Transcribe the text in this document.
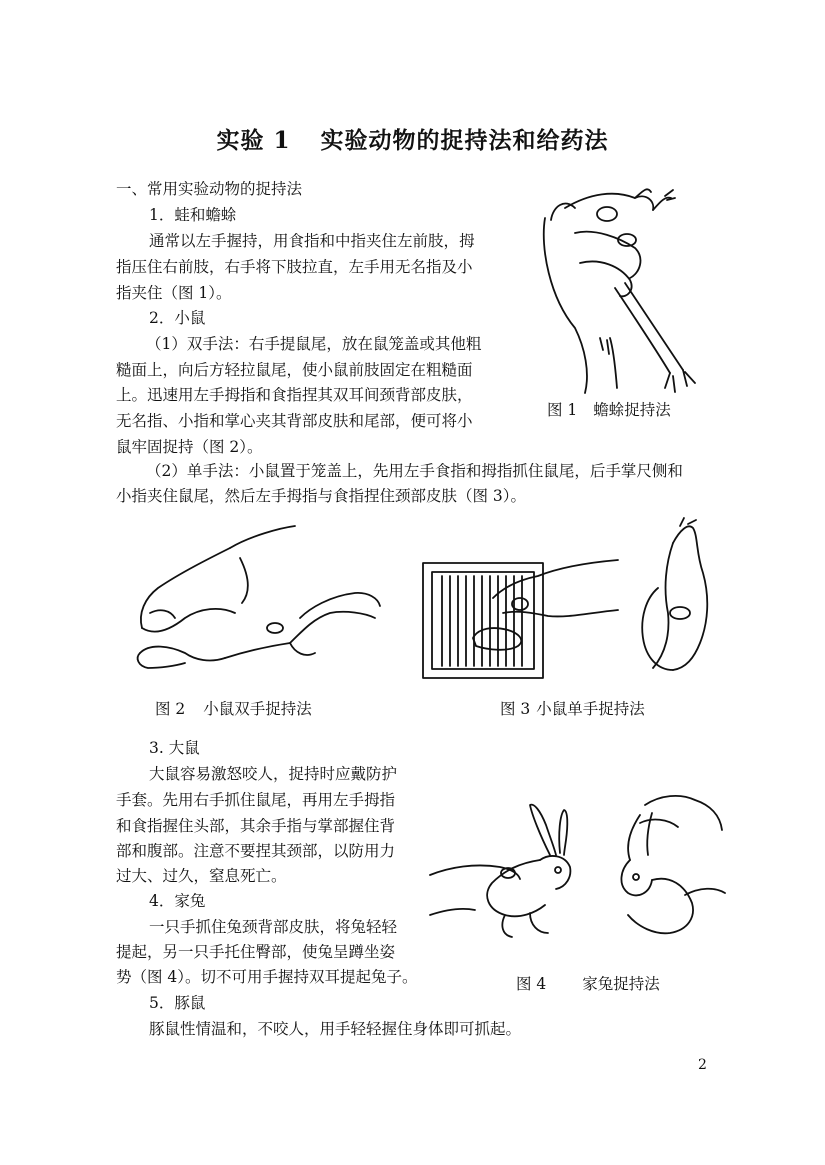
实验 1 实验动物的捉持法和给药法
一、常用实验动物的捉持法
1．蛙和蟾蜍
通常以左手握持，用食指和中指夹住左前肢，拇
指压住右前肢，右手将下肢拉直，左手用无名指及小
指夹住（图 1）。
2．小鼠
（1）双手法：右手提鼠尾，放在鼠笼盖或其他粗
糙面上，向后方轻拉鼠尾，使小鼠前肢固定在粗糙面
上。迅速用左手拇指和食指捏其双耳间颈背部皮肤，
无名指、小指和掌心夹其背部皮肤和尾部，便可将小
鼠牢固捉持（图 2）。
（2）单手法：小鼠置于笼盖上，先用左手食指和拇指抓住鼠尾，后手掌尺侧和
小指夹住鼠尾，然后左手拇指与食指捏住颈部皮肤（图 3）。
图 1 蟾蜍捉持法
图 2 小鼠双手捉持法	图 3 小鼠单手捉持法
3. 大鼠
大鼠容易激怒咬人，捉持时应戴防护
手套。先用右手抓住鼠尾，再用左手拇指
和食指握住头部，其余手指与掌部握住背
部和腹部。注意不要捏其颈部，以防用力
过大、过久，窒息死亡。
4．家兔
一只手抓住兔颈背部皮肤，将兔轻轻
提起，另一只手托住臀部，使兔呈蹲坐姿
势（图 4）。切不可用手握持双耳提起兔子。	图 4 家兔捉持法
5．豚鼠
豚鼠性情温和，不咬人，用手轻轻握住身体即可抓起。
2
